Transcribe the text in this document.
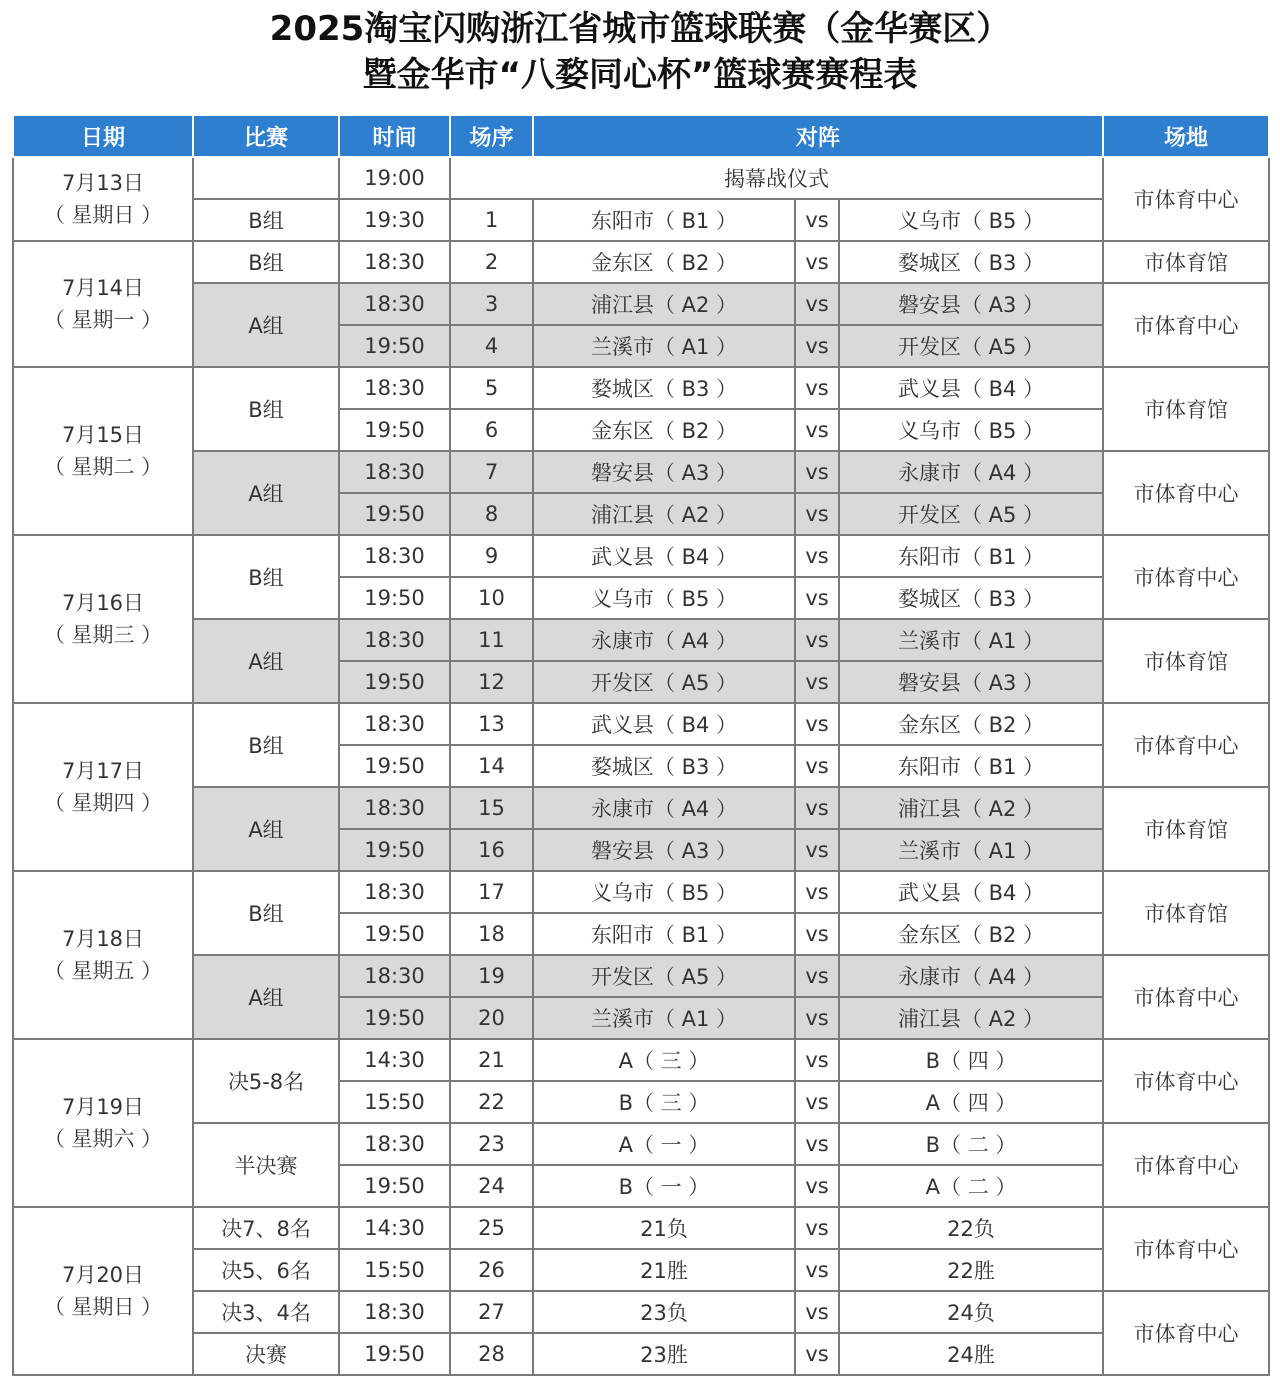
2025淘宝闪购浙江省城市篮球联赛（金华赛区）
暨金华市“八婺同心杯”篮球赛赛程表
日期	比赛	时间	场序	对阵			场地

7月13日
（ 星期日 ）		19:00	揭幕战仪式				市体育中心
	B组	19:30	1	东阳市（ B1 ）	vs	义乌市（ B5 ）	

7月14日
（ 星期一 ）	B组	18:30	2	金东区（ B2 ）	vs	婺城区（ B3 ）	市体育馆
	A组	18:30	3	浦江县（ A2 ）	vs	磐安县（ A3 ）	市体育中心
		19:50	4	兰溪市（ A1 ）	vs	开发区（ A5 ）	

7月15日
（ 星期二 ）	B组	18:30	5	婺城区（ B3 ）	vs	武义县（ B4 ）	市体育馆
		19:50	6	金东区（ B2 ）	vs	义乌市（ B5 ）	
	A组	18:30	7	磐安县（ A3 ）	vs	永康市（ A4 ）	市体育中心
		19:50	8	浦江县（ A2 ）	vs	开发区（ A5 ）	

7月16日
（ 星期三 ）	B组	18:30	9	武义县（ B4 ）	vs	东阳市（ B1 ）	市体育中心
		19:50	10	义乌市（ B5 ）	vs	婺城区（ B3 ）	
	A组	18:30	11	永康市（ A4 ）	vs	兰溪市（ A1 ）	市体育馆
		19:50	12	开发区（ A5 ）	vs	磐安县（ A3 ）	

7月17日
（ 星期四 ）	B组	18:30	13	武义县（ B4 ）	vs	金东区（ B2 ）	市体育中心
		19:50	14	婺城区（ B3 ）	vs	东阳市（ B1 ）	
	A组	18:30	15	永康市（ A4 ）	vs	浦江县（ A2 ）	市体育馆
		19:50	16	磐安县（ A3 ）	vs	兰溪市（ A1 ）	

7月18日
（ 星期五 ）	B组	18:30	17	义乌市（ B5 ）	vs	武义县（ B4 ）	市体育馆
		19:50	18	东阳市（ B1 ）	vs	金东区（ B2 ）	
	A组	18:30	19	开发区（ A5 ）	vs	永康市（ A4 ）	市体育中心
		19:50	20	兰溪市（ A1 ）	vs	浦江县（ A2 ）	

7月19日
（ 星期六 ）	决5-8名	14:30	21	A（ 三 ）	vs	B（ 四 ）	市体育中心
		15:50	22	B（ 三 ）	vs	A（ 四 ）	
	半决赛	18:30	23	A（ 一 ）	vs	B（ 二 ）	市体育中心
		19:50	24	B（ 一 ）	vs	A（ 二 ）	

7月20日
（ 星期日 ）	决7、8名	14:30	25	21负	vs	22负	市体育中心
	决5、6名	15:50	26	21胜	vs	22胜	
	决3、4名	18:30	27	23负	vs	24负	市体育中心
	决赛	19:50	28	23胜	vs	24胜	
